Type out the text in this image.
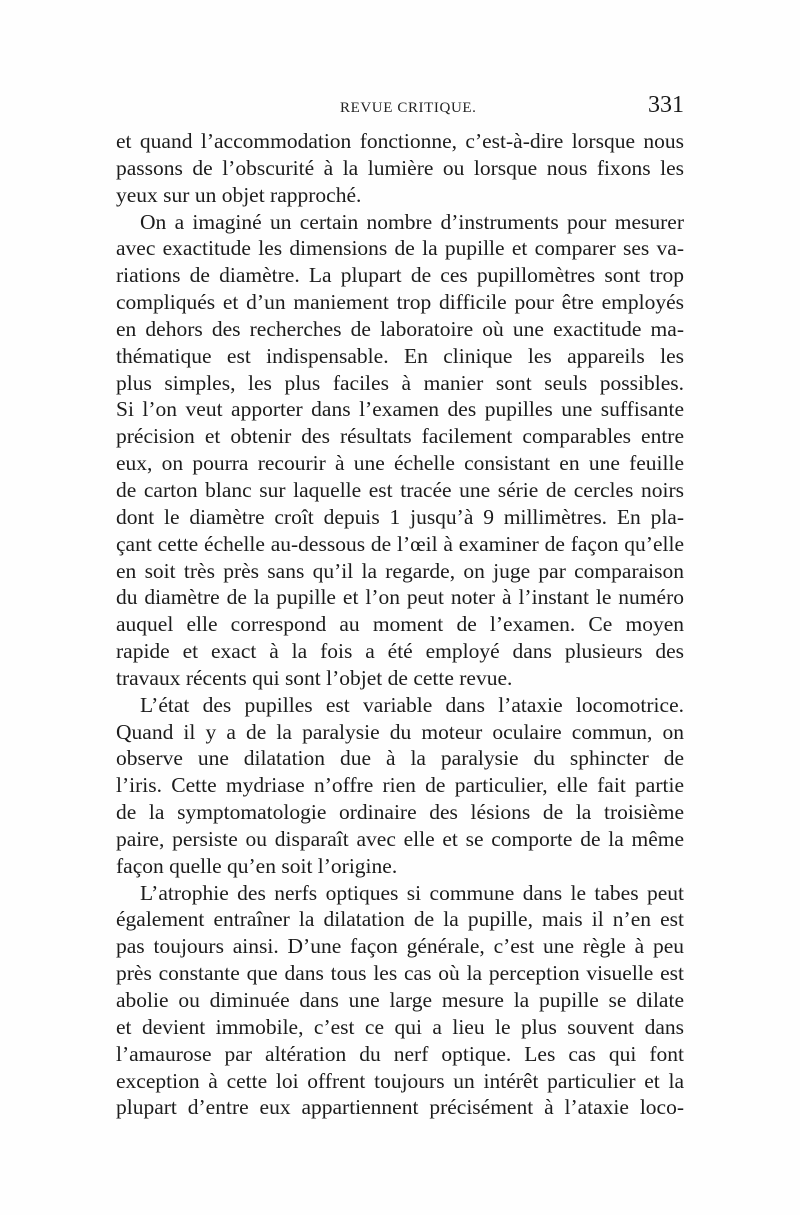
REVUE CRITIQUE.	331
et quand l’accommodation fonctionne, c’est-à-dire lorsque nous
passons de l’obscurité à la lumière ou lorsque nous fixons les
yeux sur un objet rapproché.
On a imaginé un certain nombre d’instruments pour mesurer
avec exactitude les dimensions de la pupille et comparer ses va-
riations de diamètre. La plupart de ces pupillomètres sont trop
compliqués et d’un maniement trop difficile pour être employés
en dehors des recherches de laboratoire où une exactitude ma-
thématique est indispensable. En clinique les appareils les
plus simples, les plus faciles à manier sont seuls possibles.
Si l’on veut apporter dans l’examen des pupilles une suffisante
précision et obtenir des résultats facilement comparables entre
eux, on pourra recourir à une échelle consistant en une feuille
de carton blanc sur laquelle est tracée une série de cercles noirs
dont le diamètre croît depuis 1 jusqu’à 9 millimètres. En pla-
çant cette échelle au-dessous de l’œil à examiner de façon qu’elle
en soit très près sans qu’il la regarde, on juge par comparaison
du diamètre de la pupille et l’on peut noter à l’instant le numéro
auquel elle correspond au moment de l’examen. Ce moyen
rapide et exact à la fois a été employé dans plusieurs des
travaux récents qui sont l’objet de cette revue.
L’état des pupilles est variable dans l’ataxie locomotrice.
Quand il y a de la paralysie du moteur oculaire commun, on
observe une dilatation due à la paralysie du sphincter de
l’iris. Cette mydriase n’offre rien de particulier, elle fait partie
de la symptomatologie ordinaire des lésions de la troisième
paire, persiste ou disparaît avec elle et se comporte de la même
façon quelle qu’en soit l’origine.
L’atrophie des nerfs optiques si commune dans le tabes peut
également entraîner la dilatation de la pupille, mais il n’en est
pas toujours ainsi. D’une façon générale, c’est une règle à peu
près constante que dans tous les cas où la perception visuelle est
abolie ou diminuée dans une large mesure la pupille se dilate
et devient immobile, c’est ce qui a lieu le plus souvent dans
l’amaurose par altération du nerf optique. Les cas qui font
exception à cette loi offrent toujours un intérêt particulier et la
plupart d’entre eux appartiennent précisément à l’ataxie loco-
